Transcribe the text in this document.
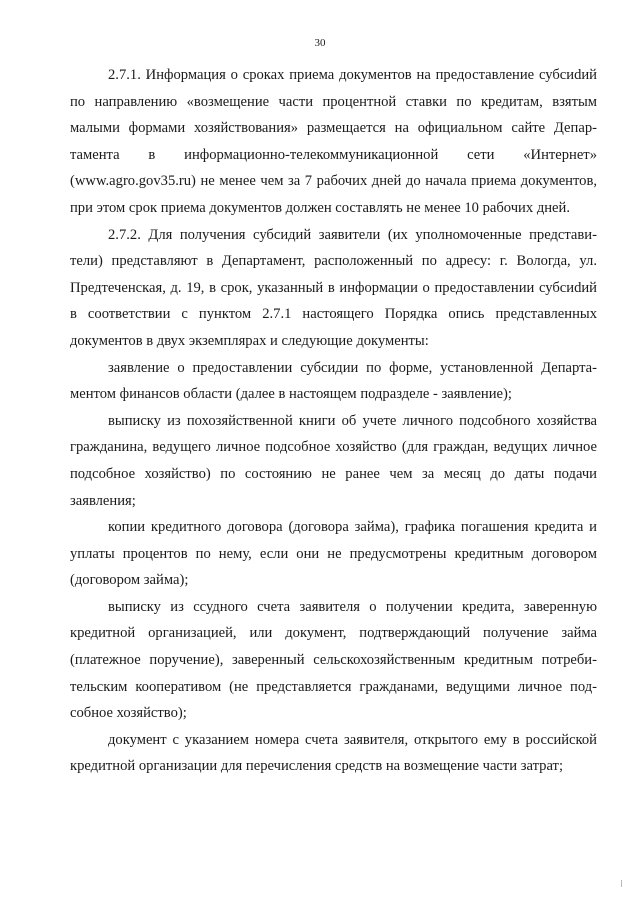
30

2.7.1. Информация о сроках приема документов на предоставление субсиdий по направлению «возмещение части процентной ставки по кредитам, взятым малыми формами хозяйствования» размещается на официальном сайте Департамента в информационно-телекоммуникационной сети «Интернет» (www.agro.gov35.ru) не менее чем за 7 рабочих дней до начала приема документов, при этом срок приема документов должен составлять не менее 10 рабочих дней.

2.7.2. Для получения субсидий заявители (их уполномоченные представители) представляют в Департамент, расположенный по адресу: г. Вологда, ул. Предтеченская, д. 19, в срок, указанный в информации о предоставлении субсиdий в соответствии с пунктом 2.7.1 настоящего Порядка опись представленных документов в двух экземплярах и следующие документы:

заявление о предоставлении субсидии по форме, установленной Департаментом финансов области (далее в настоящем подразделе - заявление);

выписку из похозяйственной книги об учете личного подсобного хозяйства гражданина, ведущего личное подсобное хозяйство (для граждан, ведущих личное подсобное хозяйство) по состоянию не ранее чем за месяц до даты подачи заявления;

копии кредитного договора (договора займа), графика погашения кредита и уплаты процентов по нему, если они не предусмотрены кредитным договором (договором займа);

выписку из ссудного счета заявителя о получении кредита, заверенную кредитной организацией, или документ, подтверждающий получение займа (платежное поручение), заверенный сельскохозяйственным кредитным потребительским кооперативом (не представляется гражданами, ведущими личное подсобное хозяйство);

документ с указанием номера счета заявителя, открытого ему в российской кредитной организации для перечисления средств на возмещение части затрат;
